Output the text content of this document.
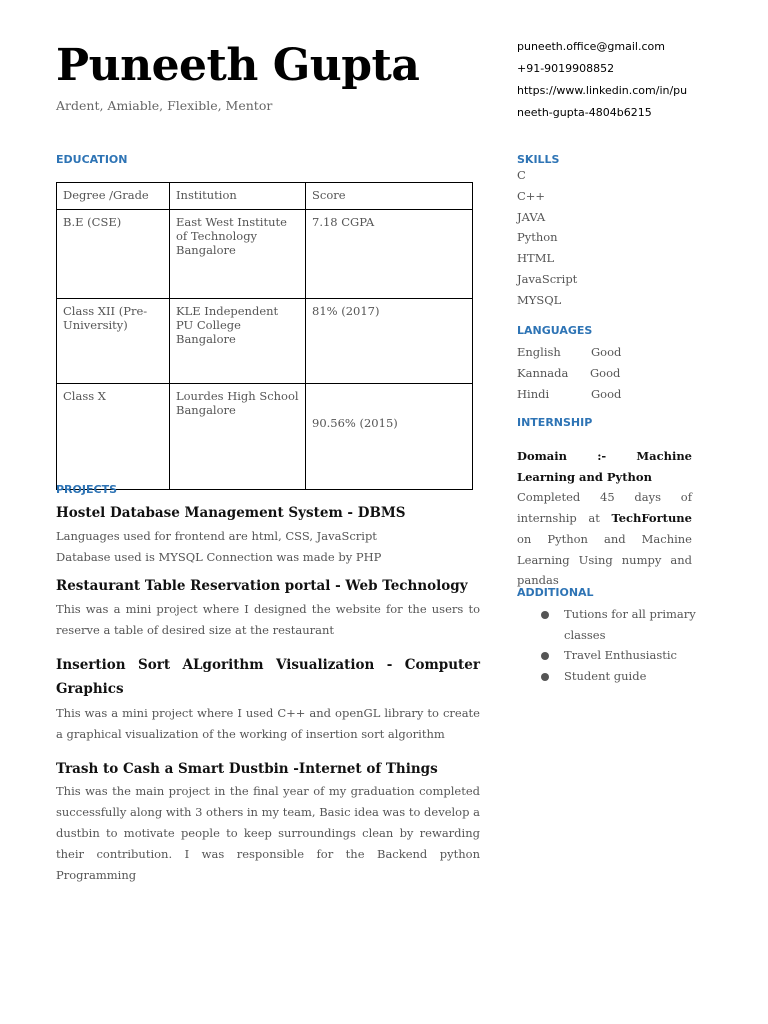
Puneeth Gupta
Ardent, Amiable, Flexible, Mentor
puneeth.office@gmail.com
+91-9019908852
https://www.linkedin.com/in/pu
neeth-gupta-4804b6215
EDUCATION
Degree /Grade	Institution	Score
B.E (CSE)	East West Institute of Technology Bangalore	7.18 CGPA
Class XII (Pre-University)	KLE Independent PU College Bangalore	81% (2017)
Class X	Lourdes High School Bangalore	90.56% (2015)
PROJECTS
Hostel Database Management System - DBMS
Languages used for frontend are html, CSS, JavaScript
Database used is MYSQL Connection was made by PHP
Restaurant Table Reservation portal - Web Technology
This was a mini project where I designed the website for the users to reserve a table of desired size at the restaurant
Insertion Sort ALgorithm Visualization - Computer Graphics
This was a mini project where I used C++ and openGL library to create a graphical visualization of the working of insertion sort algorithm
Trash to Cash a Smart Dustbin -Internet of Things
This was the main project in the final year of my graduation completed successfully along with 3 others in my team, Basic idea was to develop a dustbin to motivate people to keep surroundings clean by rewarding their contribution. I was responsible for the Backend python Programming
SKILLS
C
C++
JAVA
Python
HTML
JavaScript
MYSQL
LANGUAGES
English	Good
Kannada Good
Hindi	Good
INTERNSHIP
Domain :- Machine Learning and Python
Completed 45 days of internship at TechFortune on Python and Machine Learning Using numpy and pandas
ADDITIONAL
Tutions for all primary classes
Travel Enthusiastic
Student guide
